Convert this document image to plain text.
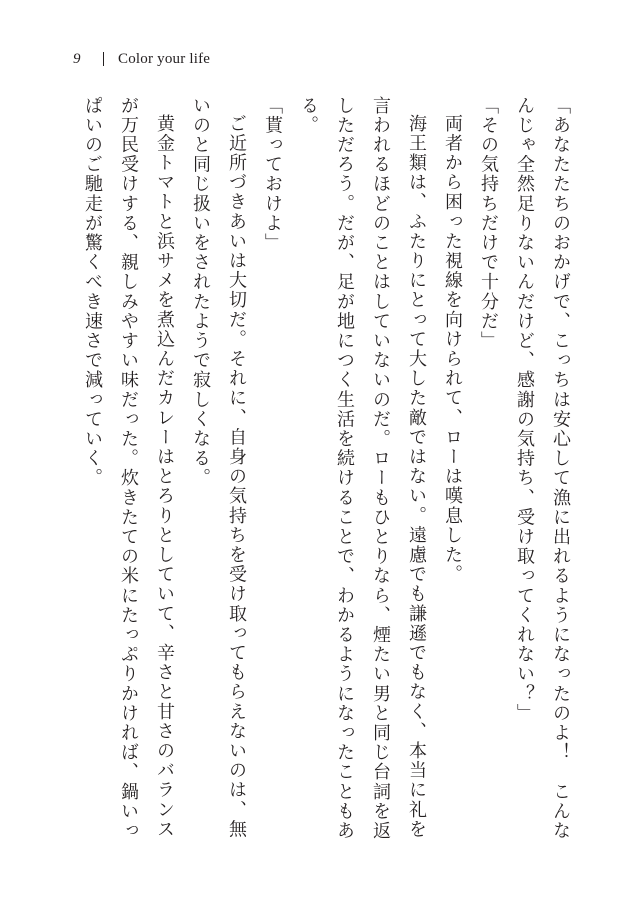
9	Color your life

「あなたたちのおかげで、こっちは安心して漁に出れるようになったのよ！　こんなんじゃ全然足りないんだけど、感謝の気持ち、受け取ってくれない？」

「その気持ちだけで十分だ」

両者から困った視線を向けられて、ローは嘆息した。

海王類は、ふたりにとって大した敵ではない。遠慮でも謙遜でもなく、本当に礼を言われるほどのことはしていないのだ。ローもひとりなら、煙たい男と同じ台詞を返しただろう。だが、足が地につく生活を続けることで、わかるようになったこともある。

「貰っておけよ」

ご近所づきあいは大切だ。それに、自身の気持ちを受け取ってもらえないのは、無いのと同じ扱いをされたようで寂しくなる。

黄金トマトと浜サメを煮込んだカレーはとろりとしていて、辛さと甘さのバランスが万民受けする、親しみやすい味だった。炊きたての米にたっぷりかければ、鍋いっぱいのご馳走が驚くべき速さで減っていく。
